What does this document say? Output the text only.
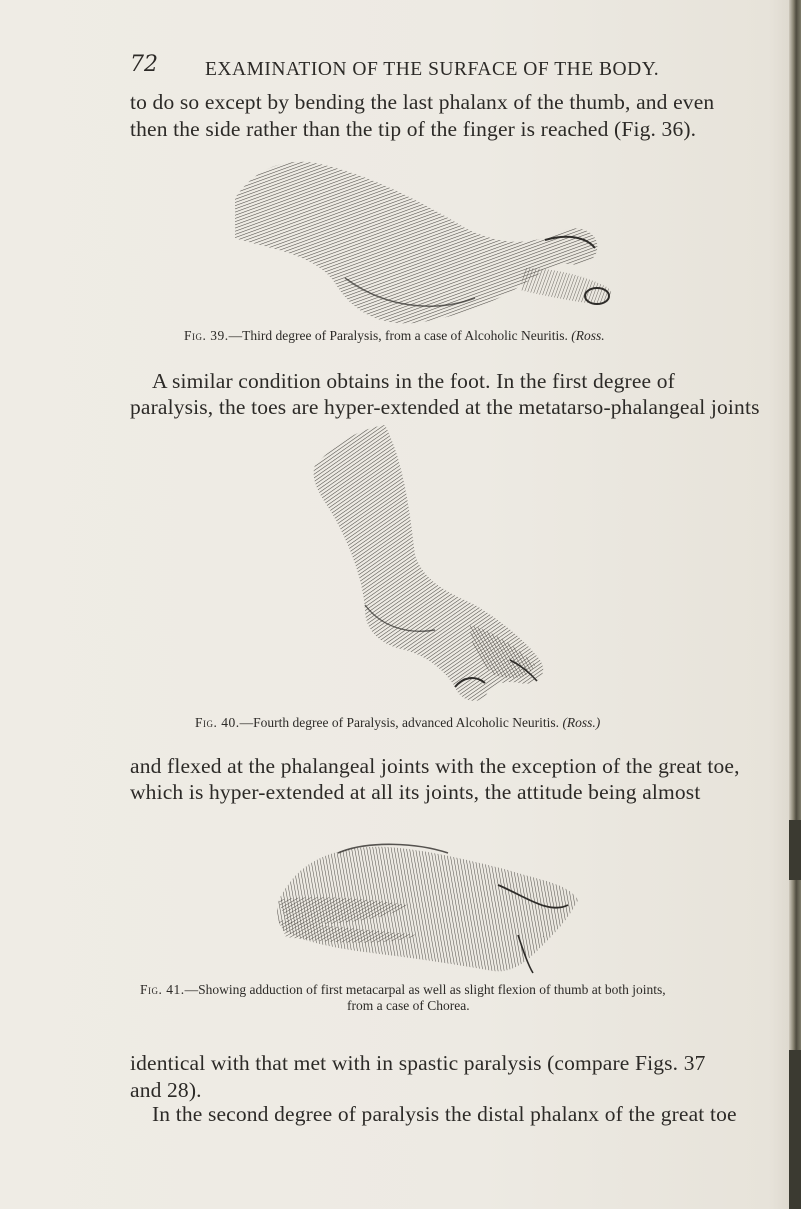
72 EXAMINATION OF THE SURFACE OF THE BODY.
to do so except by bending the last phalanx of the thumb, and even
then the side rather than the tip of the finger is reached (Fig. 36).
Fig. 39.—Third degree of Paralysis, from a case of Alcoholic Neuritis. (Ross.
A similar condition obtains in the foot. In the first degree of
paralysis, the toes are hyper-extended at the metatarso-phalangeal joints
Fig. 40.—Fourth degree of Paralysis, advanced Alcoholic Neuritis. (Ross.)
and flexed at the phalangeal joints with the exception of the great toe,
which is hyper-extended at all its joints, the attitude being almost
Fig. 41.—Showing adduction of first metacarpal as well as slight flexion of thumb at both joints,
from a case of Chorea.
identical with that met with in spastic paralysis (compare Figs. 37
and 28).
In the second degree of paralysis the distal phalanx of the great toe
